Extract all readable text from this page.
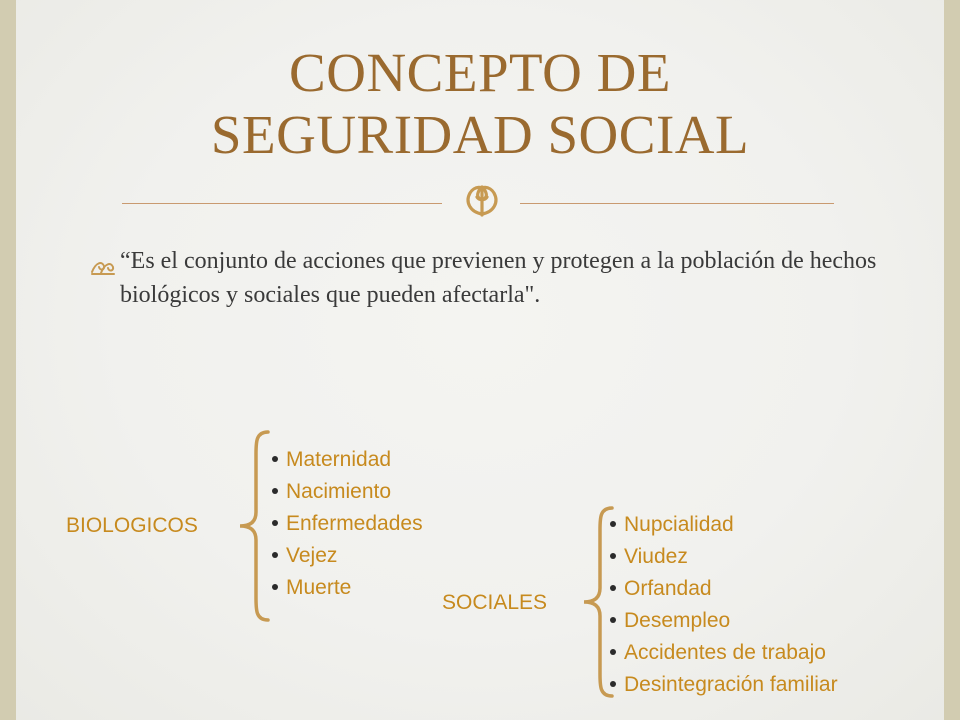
CONCEPTO DE
SEGURIDAD SOCIAL
“Es el conjunto de acciones que previenen y protegen a la población de hechos biológicos y sociales que pueden afectarla".
BIOLOGICOS
Maternidad
Nacimiento
Enfermedades
Vejez
Muerte
SOCIALES
Nupcialidad
Viudez
Orfandad
Desempleo
Accidentes de trabajo
Desintegración familiar
